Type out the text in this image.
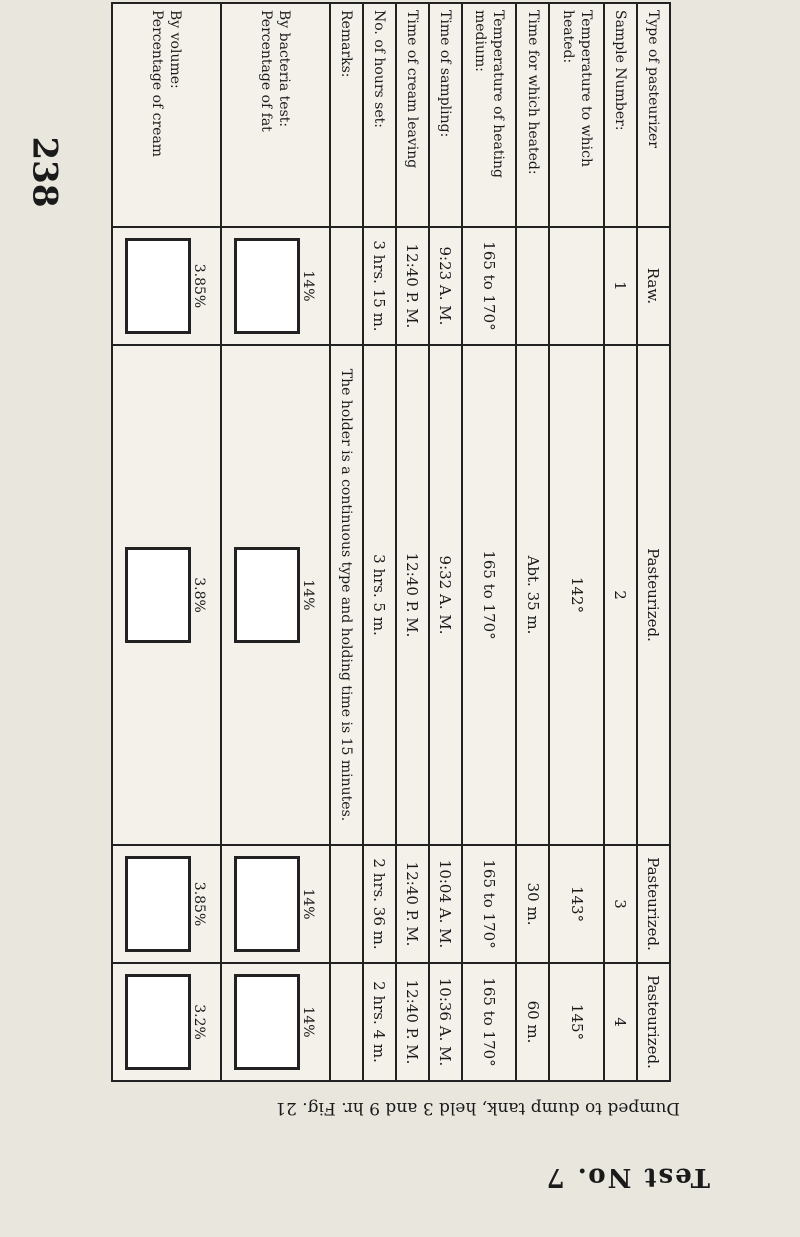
Test No. 7
Dumped to dump tank, held 3 and 9 hr. Fig. 21
Type of pasteurizer	Raw.	Pasteurized.	Pasteurized.	Pasteurized.
Sample Number:	1	2	3	4
Temperature to which heated:		142°	143°	145°
Time for which heated:		Abt. 35 m.	30 m.	60 m.
Temperature of heating medium:	165 to 170°	165 to 170°	165 to 170°	165 to 170°
Time of sampling:	9:23 A. M.	9:32 A. M.	10:04 A. M.	10:36 A. M.
Time of cream leaving	12:40 P. M.	12:40 P. M.	12:40 P. M.	12:40 P. M.
No. of hours set:	3 hrs. 15 m.	3 hrs. 5 m.	2 hrs. 36 m.	2 hrs. 4 m.
Remarks:		The holder is a continuous type and holding time is 15 minutes.		
By bacteria test:
Percentage of fat	14%	14%	14%	14%

By volume:
Percentage of cream	3.85%	3.8%	3.85%	3.2%

238
